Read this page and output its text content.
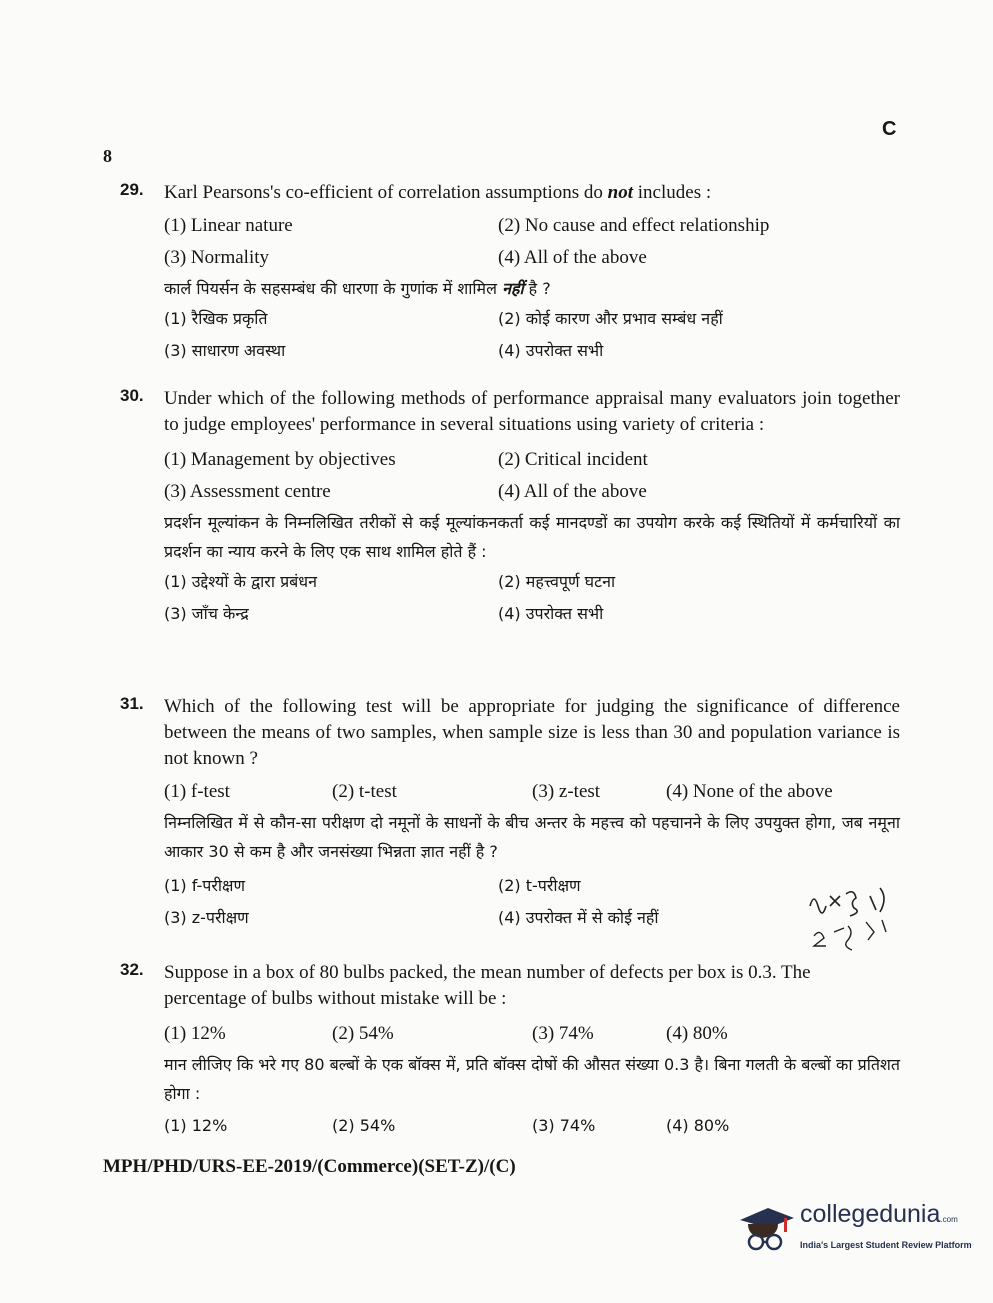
8
C
29. Karl Pearsons's co-efficient of correlation assumptions do not includes :
(1) Linear nature	(2) No cause and effect relationship
(3) Normality	(4) All of the above
कार्ल पियर्सन के सहसम्बंध की धारणा के गुणांक में शामिल नहीं है ?
(1) रैखिक प्रकृति	(2) कोई कारण और प्रभाव सम्बंध नहीं
(3) साधारण अवस्था	(4) उपरोक्त सभी
30. Under which of the following methods of performance appraisal many evaluators join together to judge employees' performance in several situations using variety of criteria :
(1) Management by objectives	(2) Critical incident
(3) Assessment centre	(4) All of the above
प्रदर्शन मूल्यांकन के निम्नलिखित तरीकों से कई मूल्यांकनकर्ता कई मानदण्डों का उपयोग करके कई स्थितियों में कर्मचारियों का प्रदर्शन का न्याय करने के लिए एक साथ शामिल होते हैं :
(1) उद्देश्यों के द्वारा प्रबंधन	(2) महत्त्वपूर्ण घटना
(3) जाँच केन्द्र	(4) उपरोक्त सभी
31. Which of the following test will be appropriate for judging the significance of difference between the means of two samples, when sample size is less than 30 and population variance is not known ?
(1) f-test	(2) t-test	(3) z-test	(4) None of the above
निम्नलिखित में से कौन-सा परीक्षण दो नमूनों के साधनों के बीच अन्तर के महत्त्व को पहचानने के लिए उपयुक्त होगा, जब नमूना आकार 30 से कम है और जनसंख्या भिन्नता ज्ञात नहीं है ?
(1) f-परीक्षण	(2) t-परीक्षण
(3) z-परीक्षण	(4) उपरोक्त में से कोई नहीं
32. Suppose in a box of 80 bulbs packed, the mean number of defects per box is 0.3. The percentage of bulbs without mistake will be :
(1) 12%	(2) 54%	(3) 74%	(4) 80%
मान लीजिए कि भरे गए 80 बल्बों के एक बॉक्स में, प्रति बॉक्स दोषों की औसत संख्या 0.3 है। बिना गलती के बल्बों का प्रतिशत होगा :
(1) 12%	(2) 54%	(3) 74%	(4) 80%
MPH/PHD/URS-EE-2019/(Commerce)(SET-Z)/(C)
collegedunia.com
India's Largest Student Review Platform
